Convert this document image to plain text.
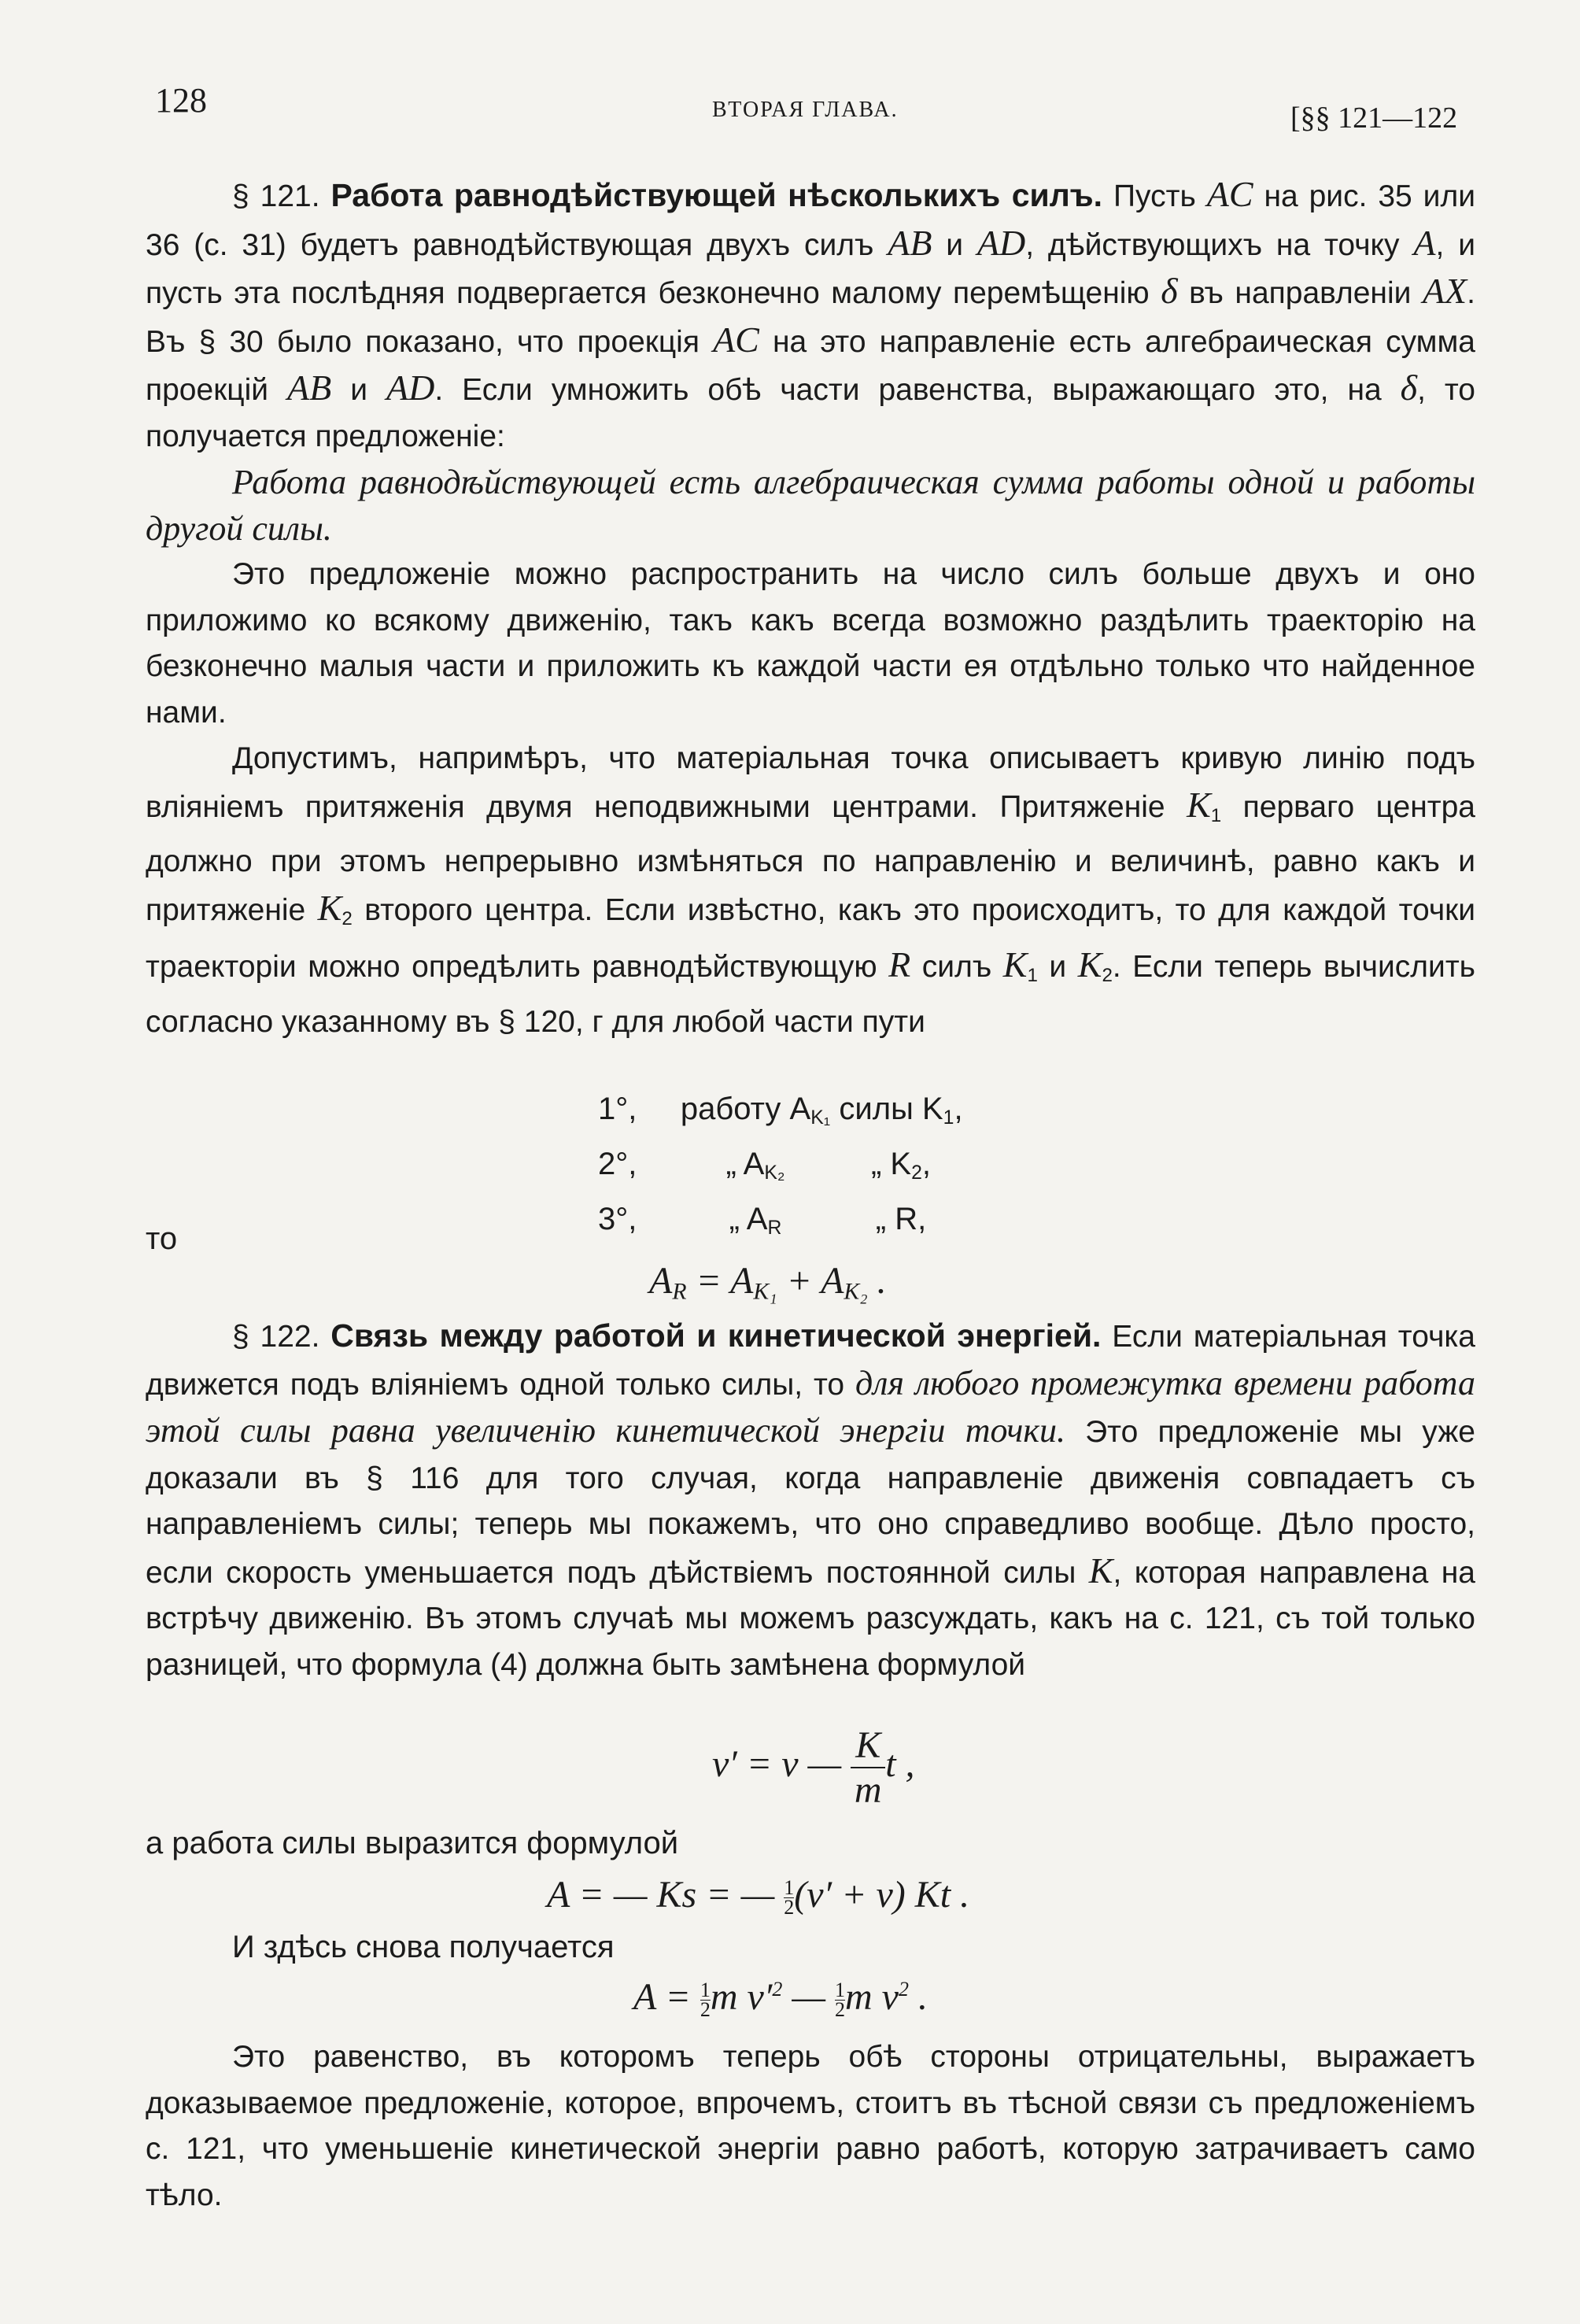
128	ВТОРАЯ ГЛАВА.	[§§ 121—122

§ 121. Работа равнодѣйствующей нѣсколькихъ силъ. Пусть AC на рис. 35 или 36 (с. 31) будетъ равнодѣйствующая двухъ силъ AB и AD, дѣйствующихъ на точку A, и пусть эта послѣдняя подвергается безконечно малому перемѣщенію δ въ направленіи AX. Въ § 30 было показано, что проекція AC на это направленіе есть алгебраическая сумма проекцій AB и AD. Если умножить обѣ части равенства, выражающаго это, на δ, то получается предложеніе:

Работа равнодѣйствующей есть алгебраическая сумма работы одной и работы другой силы.

Это предложеніе можно распространить на число силъ больше двухъ и оно приложимо ко всякому движенію, такъ какъ всегда возможно раздѣлить траекторію на безконечно малыя части и приложить къ каждой части ея отдѣльно только что найденное нами.

Допустимъ, напримѣръ, что матеріальная точка описываетъ кривую линію подъ вліяніемъ притяженія двумя неподвижными центрами. Притяженіе $K_1$ перваго центра должно при этомъ непрерывно измѣняться по направленію и величинѣ, равно какъ и притяженіе $K_2$ второго центра. Если извѣстно, какъ это происходитъ, то для каждой точки траекторіи можно опредѣлить равнодѣйствующую R силъ $K_1$ и $K_2$. Если теперь вычислить согласно указанному въ § 120, г для любой части пути

1°,	работу AK₁ силы K1,
2°,	„ AK₂	„ K2,
3°,	„ AR	„ R,
то
AR = AK₁ + AK₂ .

§ 122. Связь между работой и кинетической энергіей. Если матеріальная точка движется подъ вліяніемъ одной только силы, то для любого промежутка времени работа этой силы равна увеличенію кинетической энергіи точки. Это предложеніе мы уже доказали въ § 116 для того случая, когда направленіе движенія совпадаетъ съ направленіемъ силы; теперь мы покажемъ, что оно справедливо вообще. Дѣло просто, если скорость уменьшается подъ дѣйствіемъ постоянной силы K, которая направлена на встрѣчу движенію. Въ этомъ случаѣ мы можемъ разсуждать, какъ на с. 121, съ той только разницей, что формула (4) должна быть замѣнена формулой

v′ = v — $\frac{K}{m}$ t ,
а работа силы выразится формулой
A = — Ks = — $\frac{1}{2}(v' + v)$ Kt .
И здѣсь снова получается
$A = \frac{1}{2}m$ $v'^2$ — $\frac{1}{2}m$ $v^2$ .

Это равенство, въ которомъ теперь обѣ стороны отрицательны, выражаетъ доказываемое предложеніе, которое, впрочемъ, стоитъ въ тѣсной связи съ предложеніемъ с. 121, что уменьшеніе кинетической энергіи равно работѣ, которую затрачиваетъ само тѣло.
